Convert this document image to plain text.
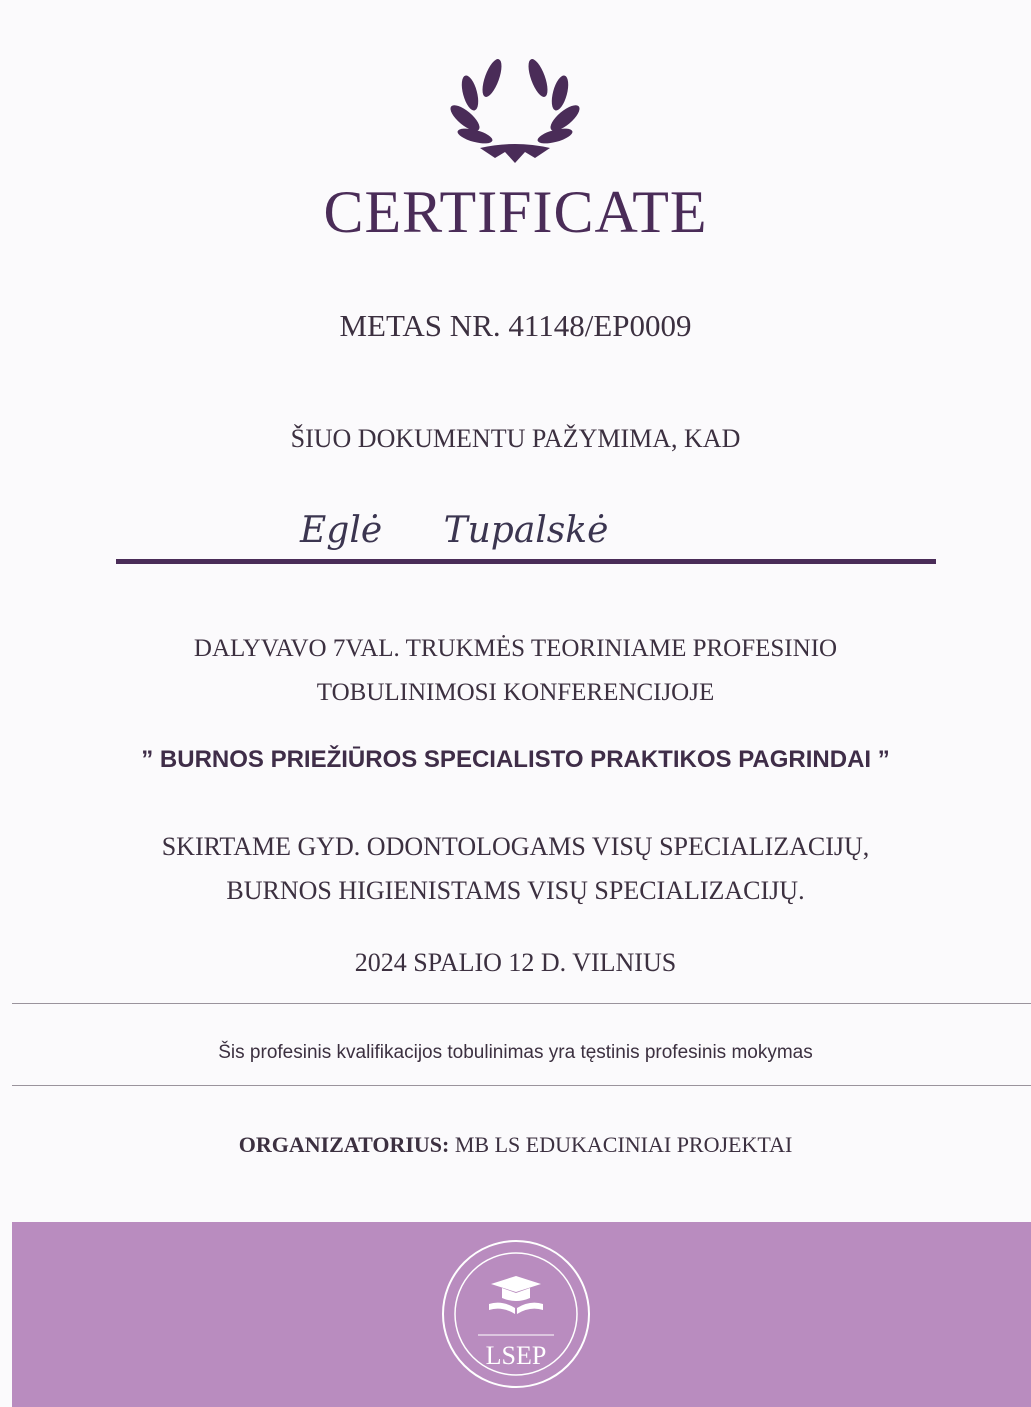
CERTIFICATE
METAS NR. 41148/EP0009
ŠIUO DOKUMENTU PAŽYMIMA, KAD
Eglė Tupalskė
DALYVAVO 7VAL. TRUKMĖS TEORINIAME PROFESINIO
TOBULINIMOSI KONFERENCIJOJE
” BURNOS PRIEŽIŪROS SPECIALISTO PRAKTIKOS PAGRINDAI ”
SKIRTAME GYD. ODONTOLOGAMS VISŲ SPECIALIZACIJŲ,
BURNOS HIGIENISTAMS VISŲ SPECIALIZACIJŲ.
2024 SPALIO 12 D. VILNIUS
Šis profesinis kvalifikacijos tobulinimas yra tęstinis profesinis mokymas
ORGANIZATORIUS: MB LS EDUKACINIAI PROJEKTAI
LSEP
